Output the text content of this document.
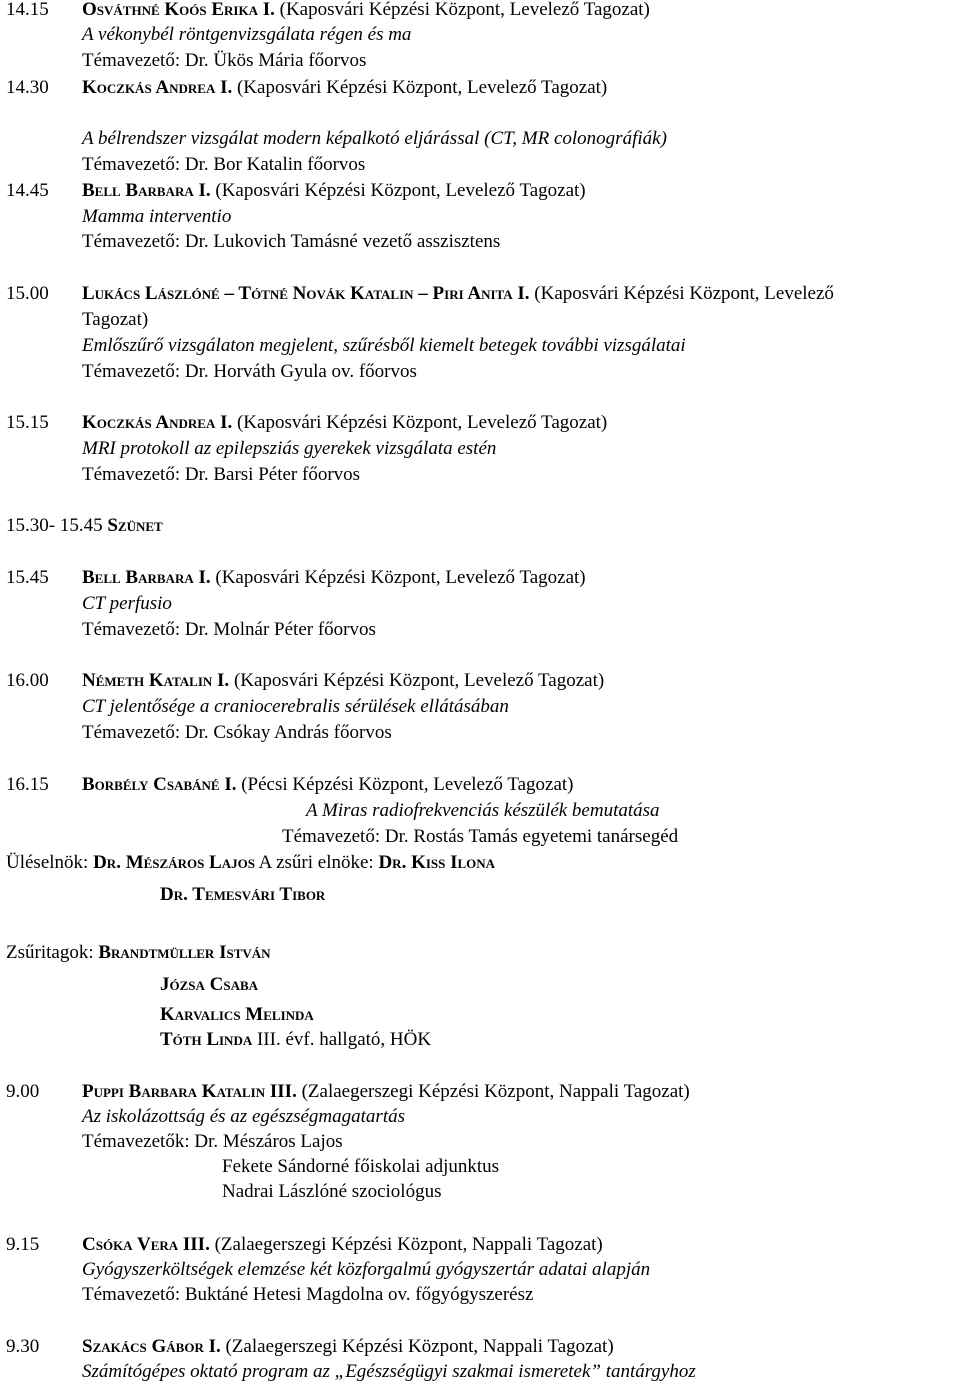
14.15 Osváthné Koós Erika I. (Kaposvári Képzési Központ, Levelező Tagozat)
A vékonybél röntgenvizsgálata régen és ma
Témavezető: Dr. Ükös Mária főorvos
14.30 Koczkás Andrea I. (Kaposvári Képzési Központ, Levelező Tagozat)
A bélrendszer vizsgálat modern képalkotó eljárással (CT, MR colonográfiák)
Témavezető: Dr. Bor Katalin főorvos
14.45 Bell Barbara I. (Kaposvári Képzési Központ, Levelező Tagozat)
Mamma interventio
Témavezető: Dr. Lukovich Tamásné vezető asszisztens
15.00 Lukács Lászlóné – Tótné Novák Katalin – Piri Anita I. (Kaposvári Képzési Központ, Levelező
Tagozat)
Emlőszűrő vizsgálaton megjelent, szűrésből kiemelt betegek további vizsgálatai
Témavezető: Dr. Horváth Gyula ov. főorvos
15.15 Koczkás Andrea I. (Kaposvári Képzési Központ, Levelező Tagozat)
MRI protokoll az epilepsziás gyerekek vizsgálata estén
Témavezető: Dr. Barsi Péter főorvos
15.30- 15.45 Szünet
15.45 Bell Barbara I. (Kaposvári Képzési Központ, Levelező Tagozat)
CT perfusio
Témavezető: Dr. Molnár Péter főorvos
16.00 Németh Katalin I. (Kaposvári Képzési Központ, Levelező Tagozat)
CT jelentősége a craniocerebralis sérülések ellátásában
Témavezető: Dr. Csókay András főorvos
16.15 Borbély Csabáné I. (Pécsi Képzési Központ, Levelező Tagozat)
A Miras radiofrekvenciás készülék bemutatása
Témavezető: Dr. Rostás Tamás egyetemi tanársegéd
Üléselnök: Dr. Mészáros Lajos A zsűri elnöke: Dr. Kiss Ilona
Dr. Temesvári Tibor
Zsűritagok: Brandtmüller István
Józsa Csaba
Karvalics Melinda
Tóth Linda III. évf. hallgató, HÖK
9.00 Puppi Barbara Katalin III. (Zalaegerszegi Képzési Központ, Nappali Tagozat)
Az iskolázottság és az egészségmagatartás
Témavezetők: Dr. Mészáros Lajos
Fekete Sándorné főiskolai adjunktus
Nadrai Lászlóné szociológus
9.15 Csóka Vera III. (Zalaegerszegi Képzési Központ, Nappali Tagozat)
Gyógyszerköltségek elemzése két közforgalmú gyógyszertár adatai alapján
Témavezető: Buktáné Hetesi Magdolna ov. főgyógyszerész
9.30 Szakács Gábor I. (Zalaegerszegi Képzési Központ, Nappali Tagozat)
Számítógépes oktató program az „Egészségügyi szakmai ismeretek” tantárgyhoz
